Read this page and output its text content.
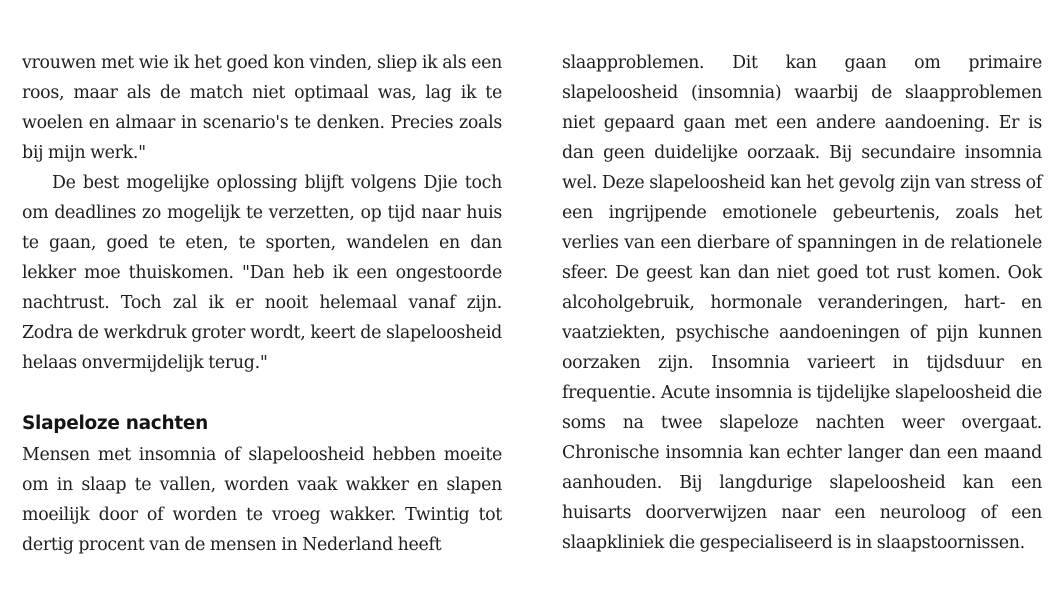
vrouwen met wie ik het goed kon vinden, sliep ik als een roos, maar als de match niet optimaal was, lag ik te woelen en almaar in scenario's te denken. Precies zoals bij mijn werk."

De best mogelijke oplossing blijft volgens Djie toch om deadlines zo mogelijk te verzetten, op tijd naar huis te gaan, goed te eten, te sporten, wandelen en dan lekker moe thuiskomen. "Dan heb ik een ongestoorde nachtrust. Toch zal ik er nooit helemaal vanaf zijn. Zodra de werkdruk groter wordt, keert de slapeloosheid helaas onvermijdelijk terug."

Slapeloze nachten

Mensen met insomnia of slapeloosheid hebben moeite om in slaap te vallen, worden vaak wakker en slapen moeilijk door of worden te vroeg wakker. Twintig tot dertig procent van de mensen in Nederland heeft

slaapproblemen. Dit kan gaan om primaire slapeloosheid (insomnia) waarbij de slaapproblemen niet gepaard gaan met een andere aandoening. Er is dan geen duidelijke oorzaak. Bij secundaire insomnia wel. Deze slapeloosheid kan het gevolg zijn van stress of een ingrijpende emotionele gebeurtenis, zoals het verlies van een dierbare of spanningen in de relationele sfeer. De geest kan dan niet goed tot rust komen. Ook alcoholgebruik, hormonale veranderingen, hart- en vaatziekten, psychische aandoeningen of pijn kunnen oorzaken zijn. Insomnia varieert in tijdsduur en frequentie. Acute insomnia is tijdelijke slapeloosheid die soms na twee slapeloze nachten weer overgaat. Chronische insomnia kan echter langer dan een maand aanhouden. Bij langdurige slapeloosheid kan een huisarts doorverwijzen naar een neuroloog of een slaapkliniek die gespecialiseerd is in slaapstoornissen.
